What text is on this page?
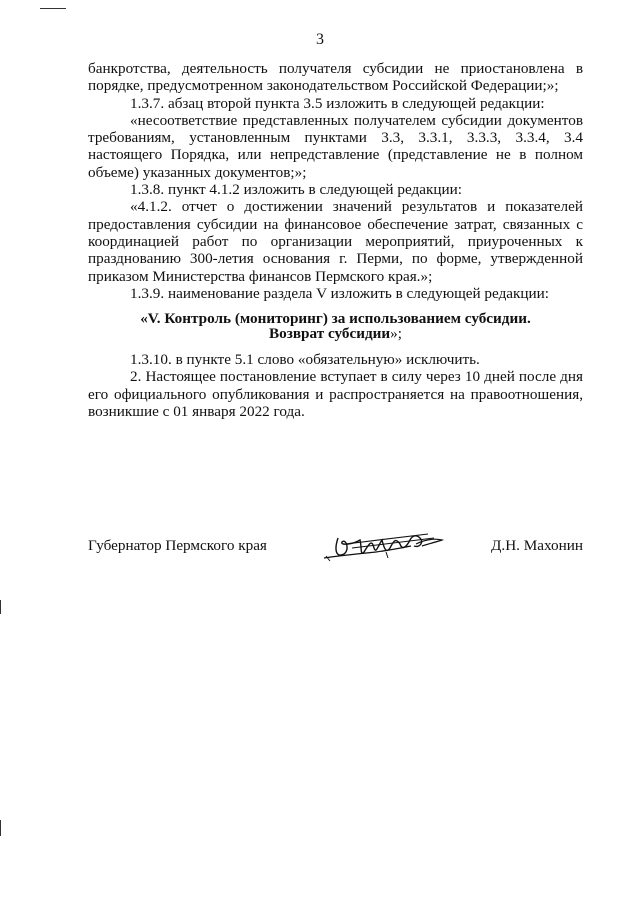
3

банкротства, деятельность получателя субсидии не приостановлена в порядке, предусмотренном законодательством Российской Федерации;»;

1.3.7. абзац второй пункта 3.5 изложить в следующей редакции:

«несоответствие представленных получателем субсидии документов требованиям, установленным пунктами 3.3, 3.3.1, 3.3.3, 3.3.4, 3.4 настоящего Порядка, или непредставление (представление не в полном объеме) указанных документов;»;

1.3.8. пункт 4.1.2 изложить в следующей редакции:

«4.1.2. отчет о достижении значений результатов и показателей предоставления субсидии на финансовое обеспечение затрат, связанных с координацией работ по организации мероприятий, приуроченных к празднованию 300-летия основания г. Перми, по форме, утвержденной приказом Министерства финансов Пермского края.»;

1.3.9. наименование раздела V изложить в следующей редакции:

«V. Контроль (мониторинг) за использованием субсидии.
Возврат субсидии»;

1.3.10. в пункте 5.1 слово «обязательную» исключить.

2. Настоящее постановление вступает в силу через 10 дней после дня его официального опубликования и распространяется на правоотношения, возникшие с 01 января 2022 года.

Губернатор Пермского края	Д.Н. Махонин
